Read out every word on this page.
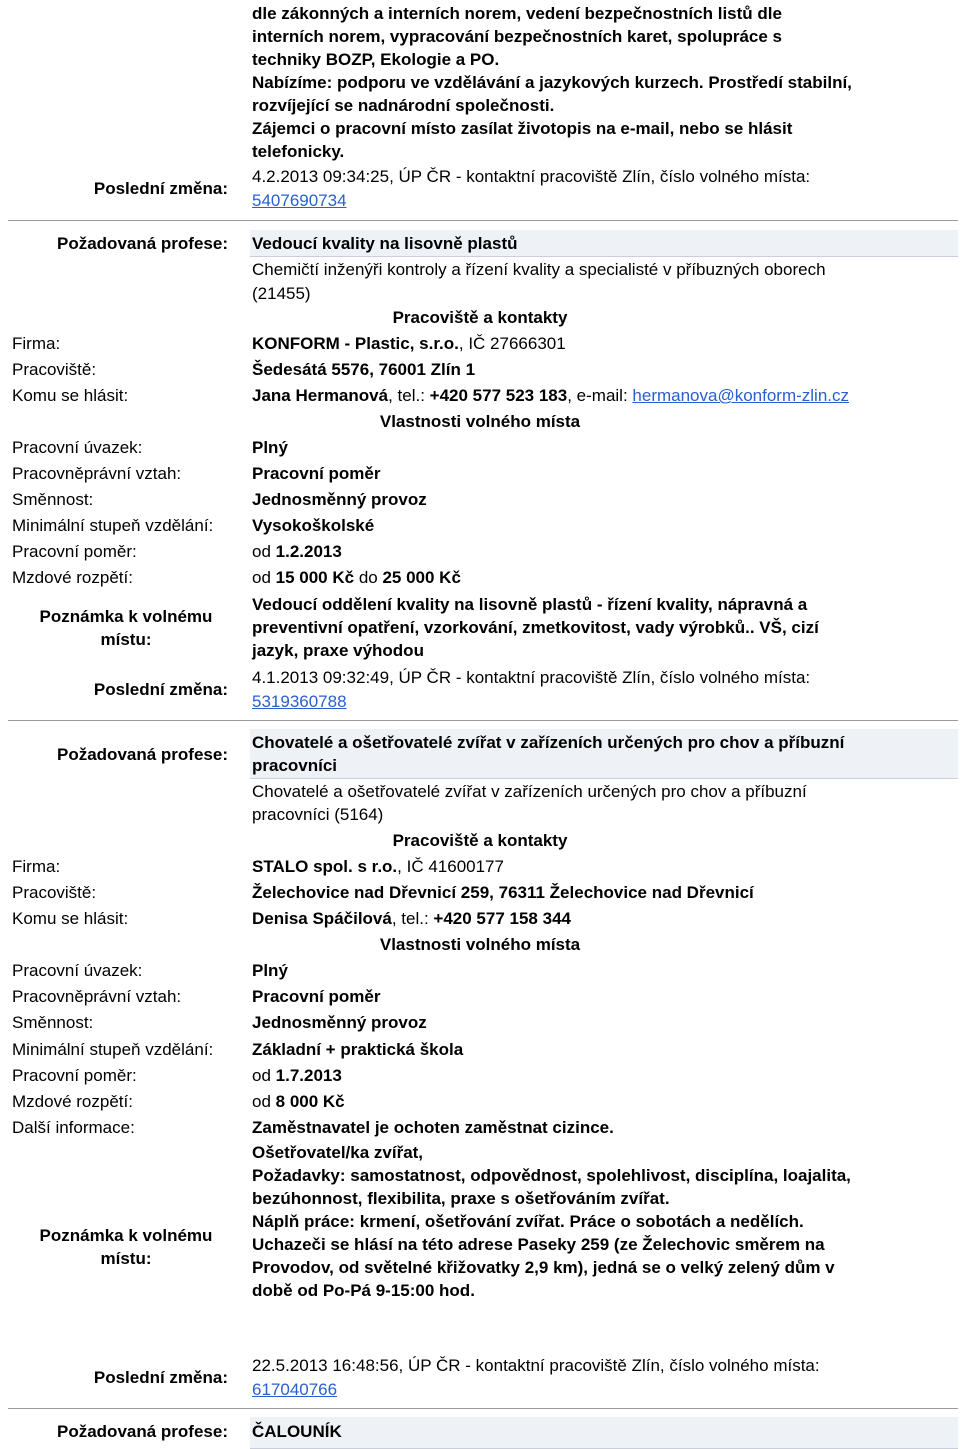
dle zákonných a interních norem, vedení bezpečnostních listů dle
interních norem, vypracování bezpečnostních karet, spolupráce s
techniky BOZP, Ekologie a PO.
Nabízíme: podporu ve vzdělávání a jazykových kurzech. Prostředí stabilní,
rozvíjející se nadnárodní společnosti.
Zájemci o pracovní místo zasílat životopis na e-mail, nebo se hlásit
telefonicky.
Poslední změna:
4.2.2013 09:34:25, ÚP ČR - kontaktní pracoviště Zlín, číslo volného místa:
5407690734
Požadovaná profese: Vedoucí kvality na lisovně plastů
Chemičtí inženýři kontroly a řízení kvality a specialisté v příbuzných oborech
(21455)
Pracoviště a kontakty
Firma:	KONFORM - Plastic, s.r.o., IČ 27666301
Pracoviště:	Šedesátá 5576, 76001 Zlín 1
Komu se hlásit:	Jana Hermanová, tel.: +420 577 523 183, e-mail: hermanova@konform-zlin.cz
Vlastnosti volného místa
Pracovní úvazek:	Plný
Pracovněprávní vztah:	Pracovní poměr
Směnnost:	Jednosměnný provoz
Minimální stupeň vzdělání: Vysokoškolské
Pracovní poměr:	od 1.2.2013
Mzdové rozpětí:	od 15 000 Kč do 25 000 Kč
Poznámka k volnému
místu:
Vedoucí oddělení kvality na lisovně plastů - řízení kvality, nápravná a
preventivní opatření, vzorkování, zmetkovitost, vady výrobků.. VŠ, cizí
jazyk, praxe výhodou
Poslední změna:
4.1.2013 09:32:49, ÚP ČR - kontaktní pracoviště Zlín, číslo volného místa:
5319360788
Požadovaná profese:
Chovatelé a ošetřovatelé zvířat v zařízeních určených pro chov a příbuzní
pracovníci
Chovatelé a ošetřovatelé zvířat v zařízeních určených pro chov a příbuzní
pracovníci (5164)
Pracoviště a kontakty
Firma:	STALO spol. s r.o., IČ 41600177
Pracoviště:	Želechovice nad Dřevnicí 259, 76311 Želechovice nad Dřevnicí
Komu se hlásit:	Denisa Spáčilová, tel.: +420 577 158 344
Vlastnosti volného místa
Pracovní úvazek:	Plný
Pracovněprávní vztah:	Pracovní poměr
Směnnost:	Jednosměnný provoz
Minimální stupeň vzdělání: Základní + praktická škola
Pracovní poměr:	od 1.7.2013
Mzdové rozpětí:	od 8 000 Kč
Další informace:	Zaměstnavatel je ochoten zaměstnat cizince.
Poznámka k volnému
místu:
Ošetřovatel/ka zvířat,
Požadavky: samostatnost, odpovědnost, spolehlivost, disciplína, loajalita,
bezúhonnost, flexibilita, praxe s ošetřováním zvířat.
Náplň práce: krmení, ošetřování zvířat. Práce o sobotách a nedělích.
Uchazeči se hlásí na této adrese Paseky 259 (ze Želechovic směrem na
Provodov, od světelné křižovatky 2,9 km), jedná se o velký zelený dům v
době od Po-Pá 9-15:00 hod.
Poslední změna:
22.5.2013 16:48:56, ÚP ČR - kontaktní pracoviště Zlín, číslo volného místa:
617040766
Požadovaná profese: ČALOUNÍK
